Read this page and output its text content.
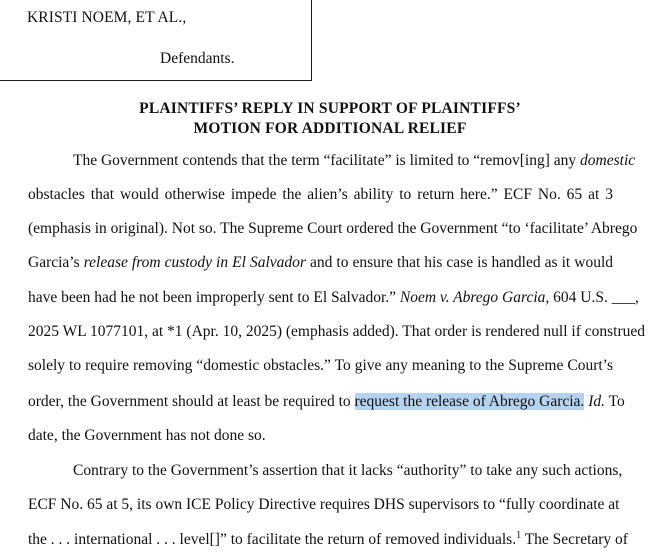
KRISTI NOEM, ET AL.,
Defendants.
PLAINTIFFS’ REPLY IN SUPPORT OF PLAINTIFFS’
MOTION FOR ADDITIONAL RELIEF
The Government contends that the term “facilitate” is limited to “remov[ing] any domestic
obstacles that would otherwise impede the alien’s ability to return here.” ECF No. 65 at 3
(emphasis in original). Not so. The Supreme Court ordered the Government “to ‘facilitate’ Abrego
Garcia’s release from custody in El Salvador and to ensure that his case is handled as it would
have been had he not been improperly sent to El Salvador.” Noem v. Abrego Garcia, 604 U.S. ___,
2025 WL 1077101, at *1 (Apr. 10, 2025) (emphasis added). That order is rendered null if construed
solely to require removing “domestic obstacles.” To give any meaning to the Supreme Court’s
order, the Government should at least be required to request the release of Abrego Garcia. Id. To
date, the Government has not done so.
Contrary to the Government’s assertion that it lacks “authority” to take any such actions,
ECF No. 65 at 5, its own ICE Policy Directive requires DHS supervisors to “fully coordinate at
the . . . international . . . level[]” to facilitate the return of removed individuals.$^1$ The Secretary of
